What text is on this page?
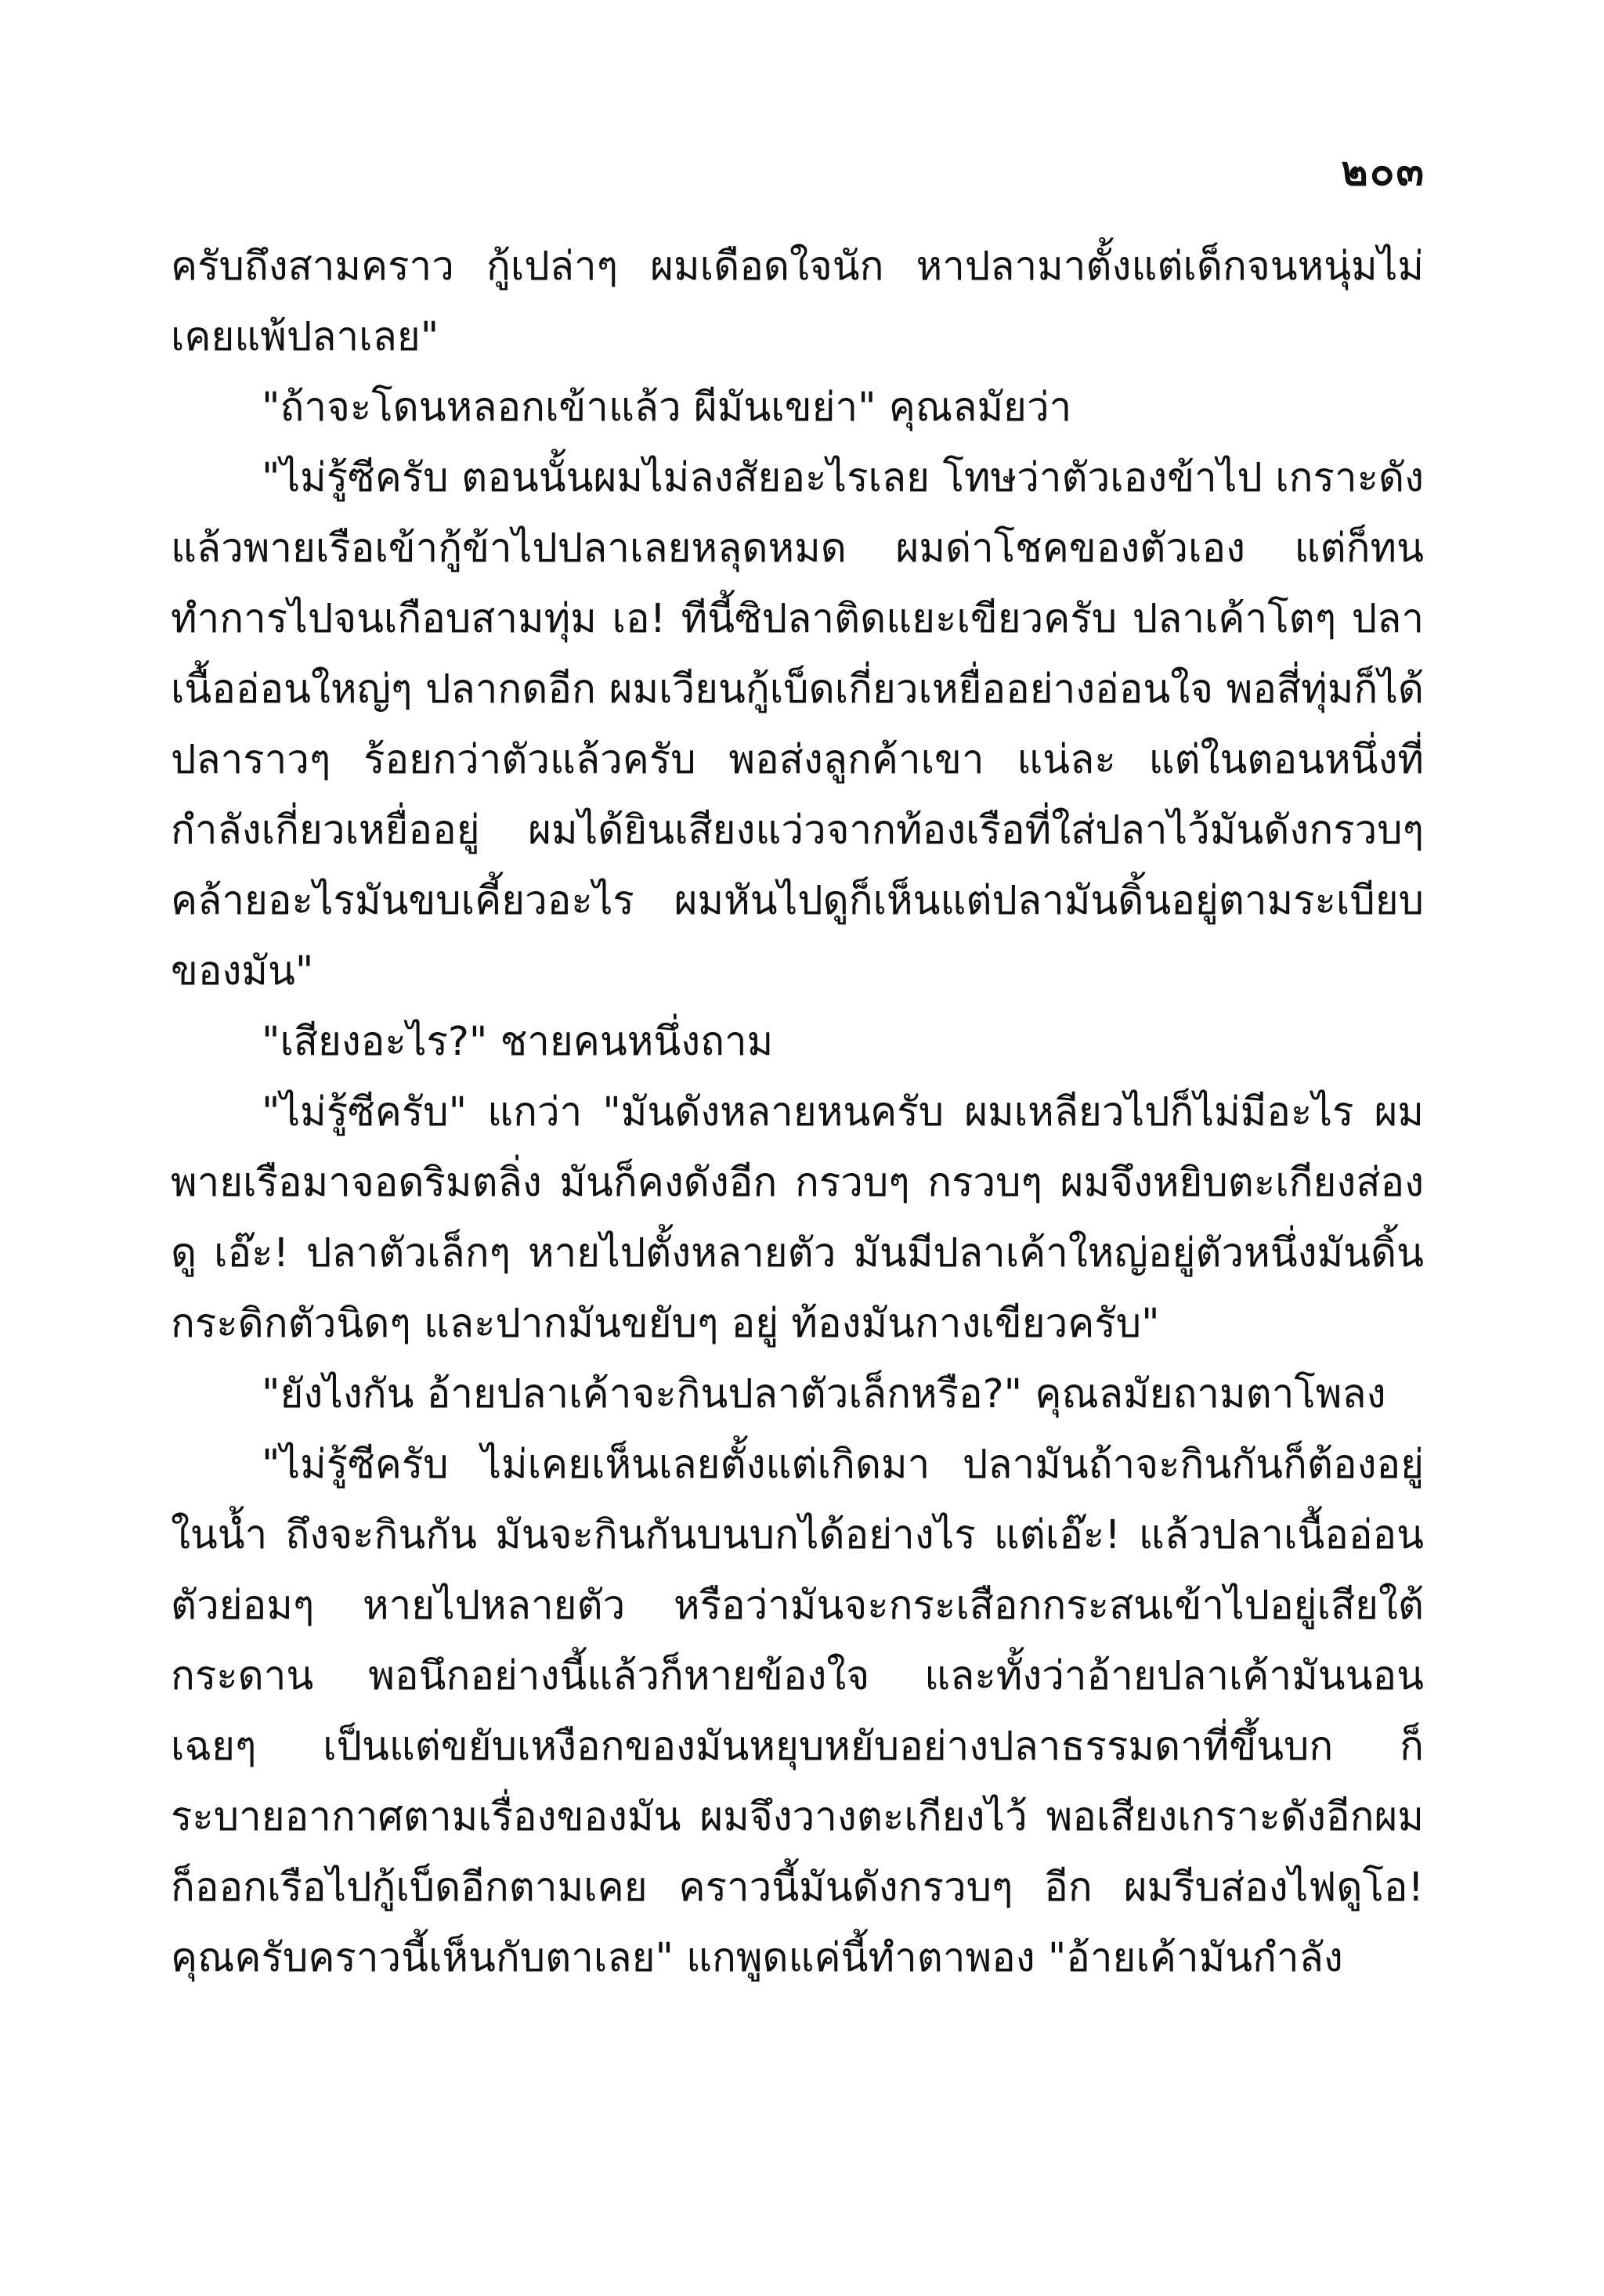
๒๐๓

ครับถึงสามคราว กู้เปล่าๆ ผมเดือดใจนัก หาปลามาตั้งแต่เด็กจนหนุ่มไม่เคยแพ้ปลาเลย"

"ถ้าจะโดนหลอกเข้าแล้ว ผีมันเขย่า" คุณลมัยว่า

"ไม่รู้ซีครับ ตอนนั้นผมไม่ลงสัยอะไรเลย โทษว่าตัวเองข้าไป เกราะดังแล้วพายเรือเข้ากู้ข้าไปปลาเลยหลุดหมด ผมด่าโชคของตัวเอง แต่ก็ทนทำการไปจนเกือบสามทุ่ม เอ! ทีนี้ซิปลาติดแยะเขียวครับ ปลาเค้าโตๆ ปลาเนื้ออ่อนใหญ่ๆ ปลากดอีก ผมเวียนกู้เบ็ดเกี่ยวเหยื่ออย่างอ่อนใจ พอสี่ทุ่มก็ได้ปลาราวๆ ร้อยกว่าตัวแล้วครับ พอส่งลูกค้าเขา แน่ละ แต่ในตอนหนึ่งที่กำลังเกี่ยวเหยื่ออยู่ ผมได้ยินเสียงแว่วจากท้องเรือที่ใส่ปลาไว้มันดังกรวบๆ คล้ายอะไรมันขบเคี้ยวอะไร ผมหันไปดูก็เห็นแต่ปลามันดิ้นอยู่ตามระเบียบของมัน"

"เสียงอะไร?" ชายคนหนึ่งถาม

"ไม่รู้ซีครับ" แกว่า "มันดังหลายหนครับ ผมเหลียวไปก็ไม่มีอะไร ผมพายเรือมาจอดริมตลิ่ง มันก็คงดังอีก กรวบๆ กรวบๆ ผมจึงหยิบตะเกียงส่องดู เอ๊ะ! ปลาตัวเล็กๆ หายไปตั้งหลายตัว มันมีปลาเค้าใหญ่อยู่ตัวหนึ่งมันดิ้นกระดิกตัวนิดๆ และปากมันขยับๆ อยู่ ท้องมันกางเขียวครับ"

"ยังไงกัน อ้ายปลาเค้าจะกินปลาตัวเล็กหรือ?" คุณลมัยถามตาโพลง

"ไม่รู้ซีครับ ไม่เคยเห็นเลยตั้งแต่เกิดมา ปลามันถ้าจะกินกันก็ต้องอยู่ในน้ำ ถึงจะกินกัน มันจะกินกันบนบกได้อย่างไร แต่เอ๊ะ! แล้วปลาเนื้ออ่อนตัวย่อมๆ หายไปหลายตัว หรือว่ามันจะกระเสือกกระสนเข้าไปอยู่เสียใต้กระดาน พอนึกอย่างนี้แล้วก็หายข้องใจ และทั้งว่าอ้ายปลาเค้ามันนอนเฉยๆ เป็นแต่ขยับเหงือกของมันหยุบหยับอย่างปลาธรรมดาที่ขึ้นบก ก็ระบายอากาศตามเรื่องของมัน ผมจึงวางตะเกียงไว้ พอเสียงเกราะดังอีกผมก็ออกเรือไปกู้เบ็ดอีกตามเคย คราวนี้มันดังกรวบๆ อีก ผมรีบส่องไฟดูโอ! คุณครับคราวนี้เห็นกับตาเลย" แกพูดแค่นี้ทำตาพอง "อ้ายเค้ามันกำลัง
